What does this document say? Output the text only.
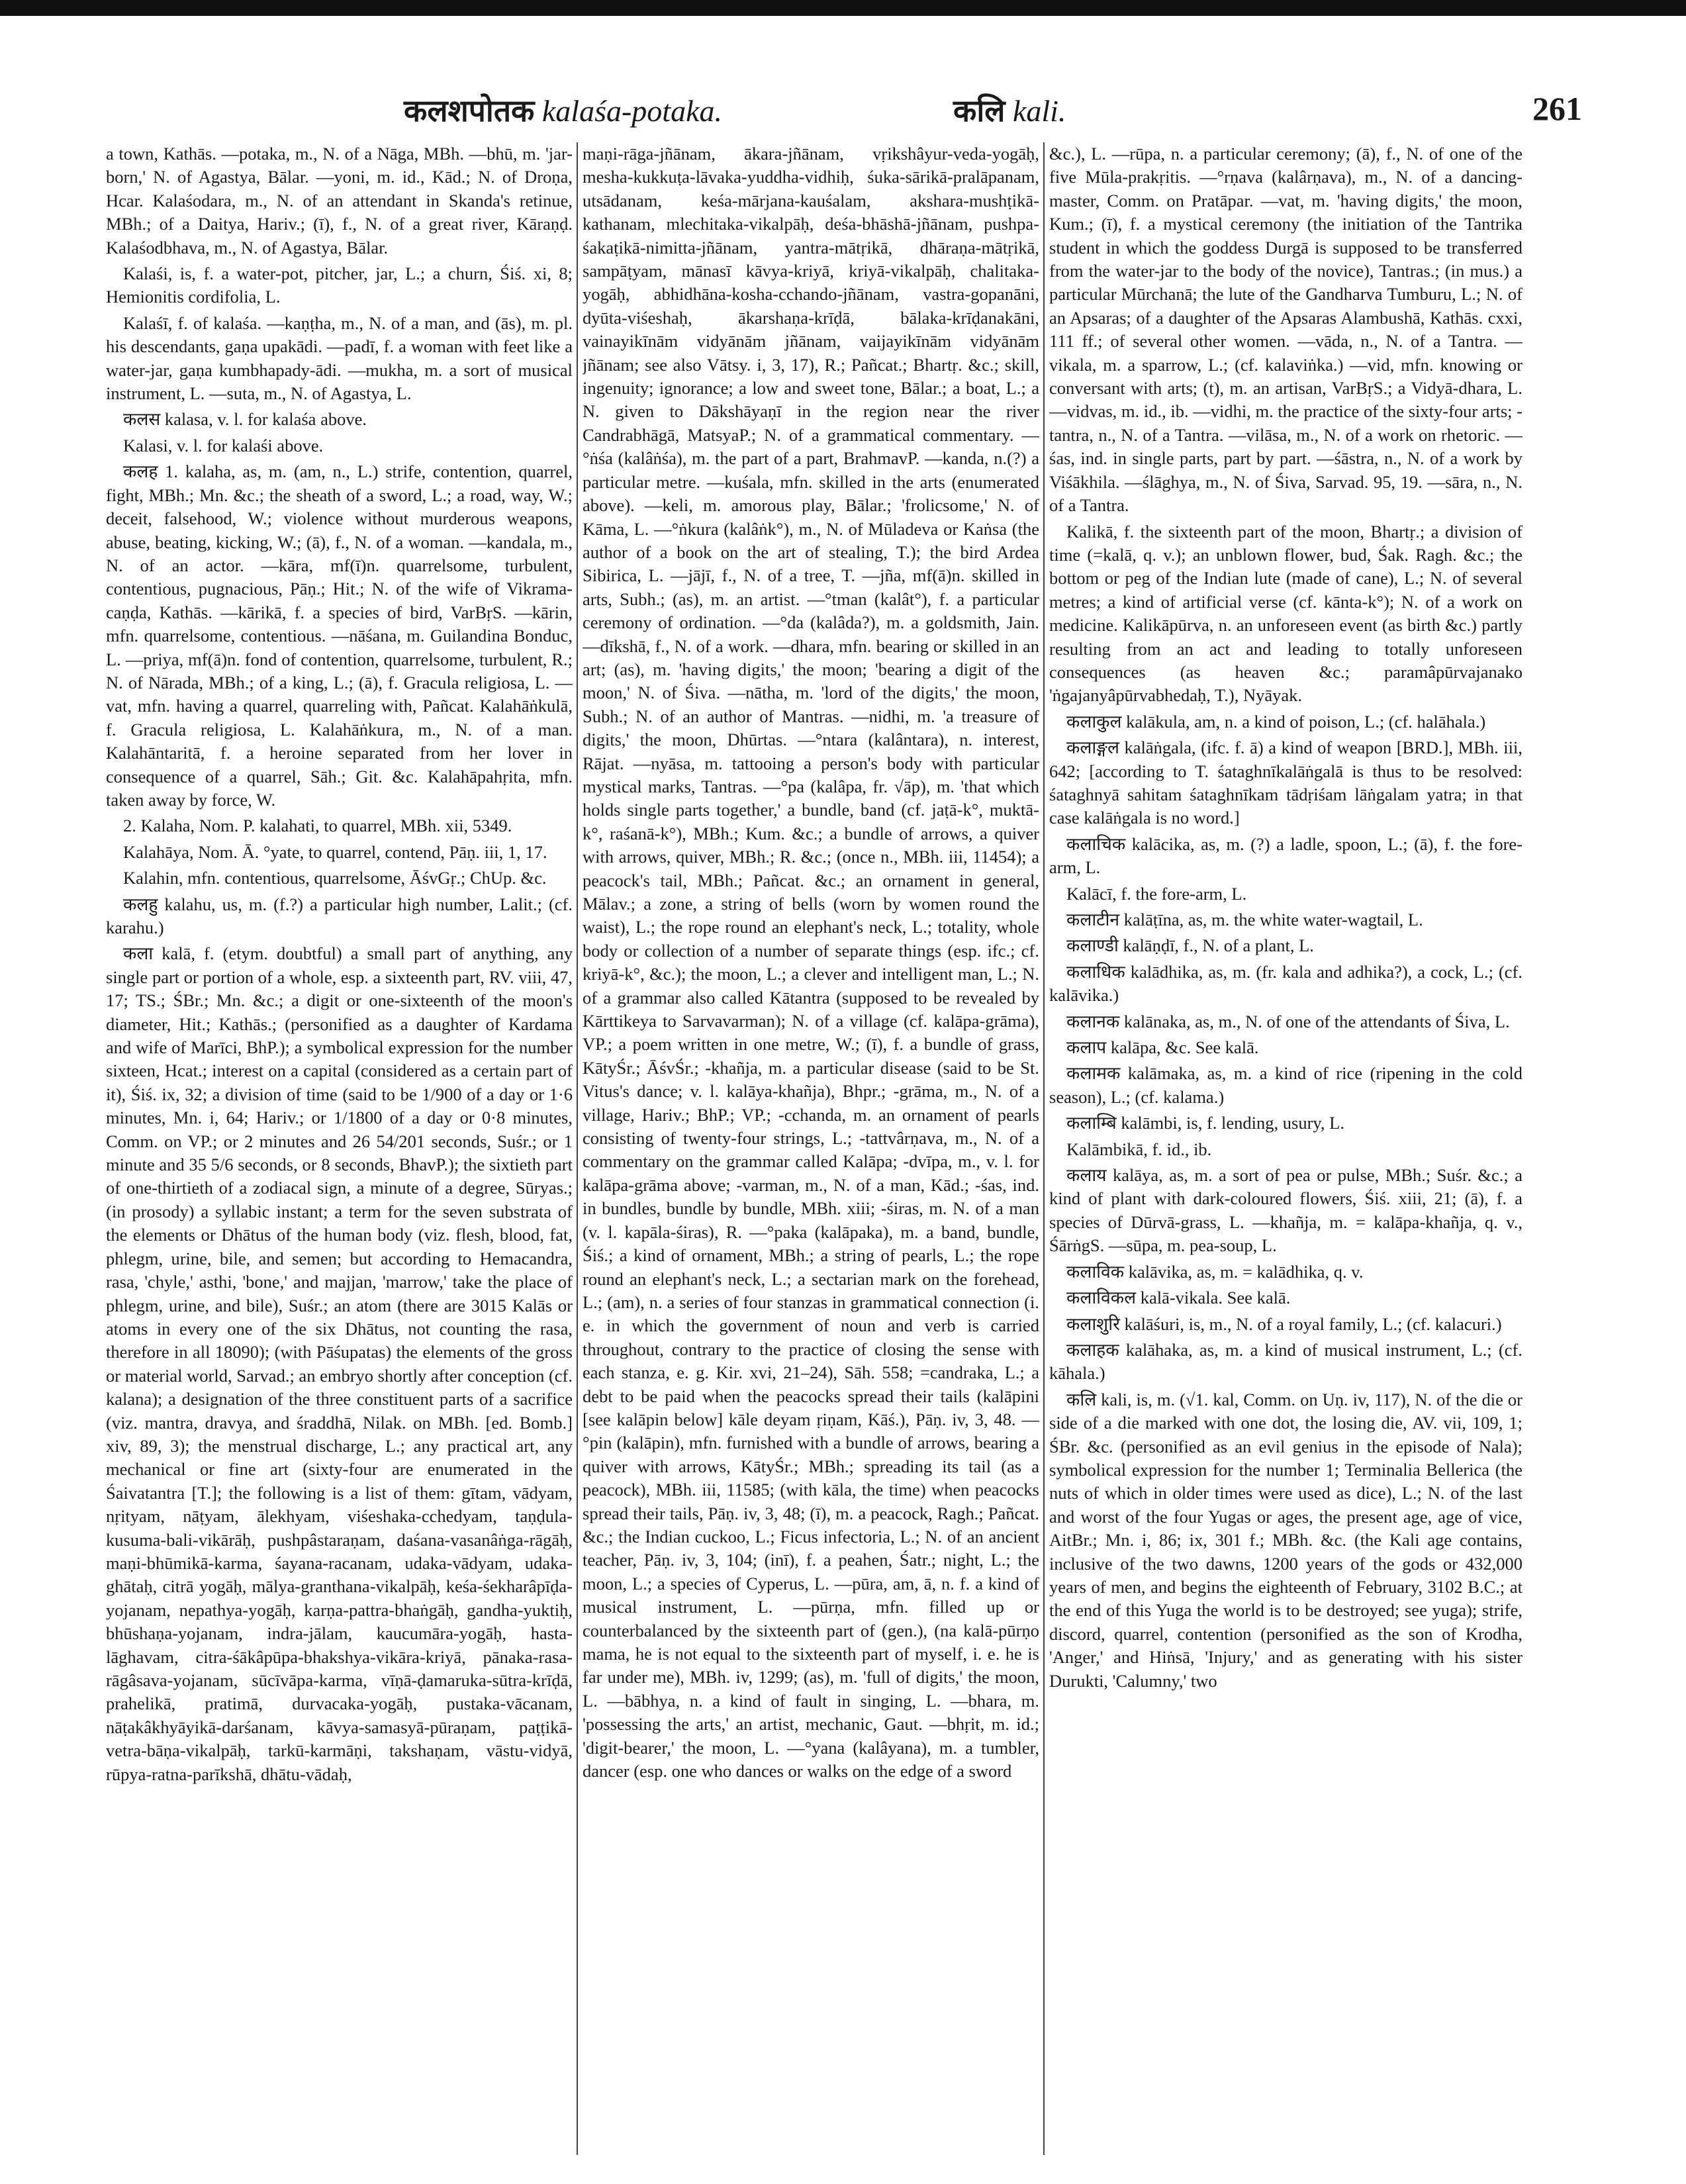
कलशपोतक kalaśa-potaka.	कलि kali.	261

a town, Kathās. —potaka, m., N. of a Nāga, MBh. —bhū, m. 'jar-born,' N. of Agastya, Bālar. —yoni, m. id., Kād.; N. of Droṇa, Hcar. Kalaśodara, m., N. of an attendant in Skanda's retinue, MBh.; of a Daitya, Hariv.; (ī), f., N. of a great river, Kāraṇḍ. Kalaśodbhava, m., N. of Agastya, Bālar.

Kalaśi, is, f. a water-pot, pitcher, jar, L.; a churn, Śiś. xi, 8; Hemionitis cordifolia, L.

Kalaśī, f. of kalaśa. —kaṇṭha, m., N. of a man, and (ās), m. pl. his descendants, gaṇa upakādi. —padī, f. a woman with feet like a water-jar, gaṇa kumbhapady-ādi. —mukha, m. a sort of musical instrument, L. —suta, m., N. of Agastya, L.

कलस kalasa, v. l. for kalaśa above.

Kalasi, v. l. for kalaśi above.

कलह 1. kalaha, as, m. (am, n., L.) strife, contention, quarrel, fight, MBh.; Mn. &c.; the sheath of a sword, L.; a road, way, W.; deceit, falsehood, W.; violence without murderous weapons, abuse, beating, kicking, W.; (ā), f., N. of a woman. —kandala, m., N. of an actor. —kāra, mf(ī)n. quarrelsome, turbulent, contentious, pugnacious, Pāṇ.; Hit.; N. of the wife of Vikrama-caṇḍa, Kathās. —kārikā, f. a species of bird, VarBṛS. —kārin, mfn. quarrelsome, contentious. —nāśana, m. Guilandina Bonduc, L. —priya, mf(ā)n. fond of contention, quarrelsome, turbulent, R.; N. of Nārada, MBh.; of a king, L.; (ā), f. Gracula religiosa, L. —vat, mfn. having a quarrel, quarreling with, Pañcat. Kalahāṅkulā, f. Gracula religiosa, L. Kalahāṅkura, m., N. of a man. Kalahāntaritā, f. a heroine separated from her lover in consequence of a quarrel, Sāh.; Git. &c. Kalahāpahṛita, mfn. taken away by force, W.

2. Kalaha, Nom. P. kalahati, to quarrel, MBh. xii, 5349.

Kalahāya, Nom. Ā. °yate, to quarrel, contend, Pāṇ. iii, 1, 17.

Kalahin, mfn. contentious, quarrelsome, ĀśvGṛ.; ChUp. &c.

कलहु kalahu, us, m. (f.?) a particular high number, Lalit.; (cf. karahu.)

कला kalā, f. (etym. doubtful) a small part of anything, any single part or portion of a whole, esp. a sixteenth part, RV. viii, 47, 17; TS.; ŚBr.; Mn. &c.; a digit or one-sixteenth of the moon's diameter, Hit.; Kathās.; (personified as a daughter of Kardama and wife of Marīci, BhP.); a symbolical expression for the number sixteen, Hcat.; interest on a capital (considered as a certain part of it), Śiś. ix, 32; a division of time (said to be 1/900 of a day or 1·6 minutes, Mn. i, 64; Hariv.; or 1/1800 of a day or 0·8 minutes, Comm. on VP.; or 2 minutes and 26 54/201 seconds, Suśr.; or 1 minute and 35 5/6 seconds, or 8 seconds, BhavP.); the sixtieth part of one-thirtieth of a zodiacal sign, a minute of a degree, Sūryas.; (in prosody) a syllabic instant; a term for the seven substrata of the elements or Dhātus of the human body (viz. flesh, blood, fat, phlegm, urine, bile, and semen; but according to Hemacandra, rasa, 'chyle,' asthi, 'bone,' and majjan, 'marrow,' take the place of phlegm, urine, and bile), Suśr.; an atom (there are 3015 Kalās or atoms in every one of the six Dhātus, not counting the rasa, therefore in all 18090); (with Pāśupatas) the elements of the gross or material world, Sarvad.; an embryo shortly after conception (cf. kalana); a designation of the three constituent parts of a sacrifice (viz. mantra, dravya, and śraddhā, Nilak. on MBh. [ed. Bomb.] xiv, 89, 3); the menstrual discharge, L.; any practical art, any mechanical or fine art (sixty-four are enumerated in the Śaivatantra [T.]; the following is a list of them: gītam, vādyam, nṛityam, nāṭyam, ālekhyam, viśeshaka-cchedyam, taṇḍula-kusuma-bali-vikārāḥ, pushpâstaraṇam, daśana-vasanâṅga-rāgāḥ, maṇi-bhūmikā-karma, śayana-racanam, udaka-vādyam, udaka-ghātaḥ, citrā yogāḥ, mālya-granthana-vikalpāḥ, keśa-śekharâpīḍa-yojanam, nepathya-yogāḥ, karṇa-pattra-bhaṅgāḥ, gandha-yuktiḥ, bhūshaṇa-yojanam, indra-jālam, kaucumāra-yogāḥ, hasta-lāghavam, citra-śākâpūpa-bhakshya-vikāra-kriyā, pānaka-rasa-rāgâsava-yojanam, sūcīvāpa-karma, vīṇā-ḍamaruka-sūtra-krīḍā, prahelikā, pratimā, durvacaka-yogāḥ, pustaka-vācanam, nāṭakâkhyāyikā-darśanam, kāvya-samasyā-pūraṇam, paṭṭikā-vetra-bāṇa-vikalpāḥ, tarkū-karmāṇi, takshaṇam, vāstu-vidyā, rūpya-ratna-parīkshā, dhātu-vādaḥ,

maṇi-rāga-jñānam, ākara-jñānam, vṛikshâyur-veda-yogāḥ, mesha-kukkuṭa-lāvaka-yuddha-vidhiḥ, śuka-sārikā-pralāpanam, utsādanam, keśa-mārjana-kauśalam, akshara-mushṭikā-kathanam, mlechitaka-vikalpāḥ, deśa-bhāshā-jñānam, pushpa-śakaṭikā-nimitta-jñānam, yantra-mātṛikā, dhāraṇa-mātṛikā, sampāṭyam, mānasī kāvya-kriyā, kriyā-vikalpāḥ, chalitaka-yogāḥ, abhidhāna-kosha-cchando-jñānam, vastra-gopanāni, dyūta-viśeshaḥ, ākarshaṇa-krīḍā, bālaka-krīḍanakāni, vainayikīnām vidyānām jñānam, vaijayikīnām vidyānām jñānam; see also Vātsy. i, 3, 17), R.; Pañcat.; Bhartṛ. &c.; skill, ingenuity; ignorance; a low and sweet tone, Bālar.; a boat, L.; a N. given to Dākshāyaṇī in the region near the river Candrabhāgā, MatsyaP.; N. of a grammatical commentary. —°ṅśa (kalâṅśa), m. the part of a part, BrahmavP. —kanda, n.(?) a particular metre. —kuśala, mfn. skilled in the arts (enumerated above). —keli, m. amorous play, Bālar.; 'frolicsome,' N. of Kāma, L. —°ṅkura (kalâṅk°), m., N. of Mūladeva or Kaṅsa (the author of a book on the art of stealing, T.); the bird Ardea Sibirica, L. —jājī, f., N. of a tree, T. —jña, mf(ā)n. skilled in arts, Subh.; (as), m. an artist. —°tman (kalât°), f. a particular ceremony of ordination. —°da (kalâda?), m. a goldsmith, Jain. —dīkshā, f., N. of a work. —dhara, mfn. bearing or skilled in an art; (as), m. 'having digits,' the moon; 'bearing a digit of the moon,' N. of Śiva. —nātha, m. 'lord of the digits,' the moon, Subh.; N. of an author of Mantras. —nidhi, m. 'a treasure of digits,' the moon, Dhūrtas. —°ntara (kalântara), n. interest, Rājat. —nyāsa, m. tattooing a person's body with particular mystical marks, Tantras. —°pa (kalâpa, fr. √āp), m. 'that which holds single parts together,' a bundle, band (cf. jaṭā-k°, muktā-k°, raśanā-k°), MBh.; Kum. &c.; a bundle of arrows, a quiver with arrows, quiver, MBh.; R. &c.; (once n., MBh. iii, 11454); a peacock's tail, MBh.; Pañcat. &c.; an ornament in general, Mālav.; a zone, a string of bells (worn by women round the waist), L.; the rope round an elephant's neck, L.; totality, whole body or collection of a number of separate things (esp. ifc.; cf. kriyā-k°, &c.); the moon, L.; a clever and intelligent man, L.; N. of a grammar also called Kātantra (supposed to be revealed by Kārttikeya to Sarvavarman); N. of a village (cf. kalāpa-grāma), VP.; a poem written in one metre, W.; (ī), f. a bundle of grass, KātyŚr.; ĀśvŚr.; -khañja, m. a particular disease (said to be St. Vitus's dance; v. l. kalāya-khañja), Bhpr.; -grāma, m., N. of a village, Hariv.; BhP.; VP.; -cchanda, m. an ornament of pearls consisting of twenty-four strings, L.; -tattvârṇava, m., N. of a commentary on the grammar called Kalāpa; -dvīpa, m., v. l. for kalāpa-grāma above; -varman, m., N. of a man, Kād.; -śas, ind. in bundles, bundle by bundle, MBh. xiii; -śiras, m. N. of a man (v. l. kapāla-śiras), R. —°paka (kalāpaka), m. a band, bundle, Śiś.; a kind of ornament, MBh.; a string of pearls, L.; the rope round an elephant's neck, L.; a sectarian mark on the forehead, L.; (am), n. a series of four stanzas in grammatical connection (i. e. in which the government of noun and verb is carried throughout, contrary to the practice of closing the sense with each stanza, e. g. Kir. xvi, 21–24), Sāh. 558; =candraka, L.; a debt to be paid when the peacocks spread their tails (kalāpini [see kalāpin below] kāle deyam ṛiṇam, Kāś.), Pāṇ. iv, 3, 48. —°pin (kalāpin), mfn. furnished with a bundle of arrows, bearing a quiver with arrows, KātyŚr.; MBh.; spreading its tail (as a peacock), MBh. iii, 11585; (with kāla, the time) when peacocks spread their tails, Pāṇ. iv, 3, 48; (ī), m. a peacock, Ragh.; Pañcat. &c.; the Indian cuckoo, L.; Ficus infectoria, L.; N. of an ancient teacher, Pāṇ. iv, 3, 104; (inī), f. a peahen, Śatr.; night, L.; the moon, L.; a species of Cyperus, L. —pūra, am, ā, n. f. a kind of musical instrument, L. —pūrṇa, mfn. filled up or counterbalanced by the sixteenth part of (gen.), (na kalā-pūrṇo mama, he is not equal to the sixteenth part of myself, i. e. he is far under me), MBh. iv, 1299; (as), m. 'full of digits,' the moon, L. —bābhya, n. a kind of fault in singing, L. —bhara, m. 'possessing the arts,' an artist, mechanic, Gaut. —bhṛit, m. id.; 'digit-bearer,' the moon, L. —°yana (kalâyana), m. a tumbler, dancer (esp. one who dances or walks on the edge of a sword

&c.), L. —rūpa, n. a particular ceremony; (ā), f., N. of one of the five Mūla-prakṛitis. —°rṇava (kalârṇava), m., N. of a dancing-master, Comm. on Pratāpar. —vat, m. 'having digits,' the moon, Kum.; (ī), f. a mystical ceremony (the initiation of the Tantrika student in which the goddess Durgā is supposed to be transferred from the water-jar to the body of the novice), Tantras.; (in mus.) a particular Mūrchanā; the lute of the Gandharva Tumburu, L.; N. of an Apsaras; of a daughter of the Apsaras Alambushā, Kathās. cxxi, 111 ff.; of several other women. —vāda, n., N. of a Tantra. —vikala, m. a sparrow, L.; (cf. kalaviṅka.) —vid, mfn. knowing or conversant with arts; (t), m. an artisan, VarBṛS.; a Vidyā-dhara, L. —vidvas, m. id., ib. —vidhi, m. the practice of the sixty-four arts; -tantra, n., N. of a Tantra. —vilāsa, m., N. of a work on rhetoric. —śas, ind. in single parts, part by part. —śāstra, n., N. of a work by Viśākhila. —ślāghya, m., N. of Śiva, Sarvad. 95, 19. —sāra, n., N. of a Tantra.

Kalikā, f. the sixteenth part of the moon, Bhartṛ.; a division of time (=kalā, q. v.); an unblown flower, bud, Śak. Ragh. &c.; the bottom or peg of the Indian lute (made of cane), L.; N. of several metres; a kind of artificial verse (cf. kānta-k°); N. of a work on medicine. Kalikāpūrva, n. an unforeseen event (as birth &c.) partly resulting from an act and leading to totally unforeseen consequences (as heaven &c.; paramâpūrvajanako 'ṅgajanyâpūrvabhedaḥ, T.), Nyāyak.

कलाकुल kalākula, am, n. a kind of poison, L.; (cf. halāhala.)

कलाङ्गल kalāṅgala, (ifc. f. ā) a kind of weapon [BRD.], MBh. iii, 642; [according to T. śataghnīkalāṅgalā is thus to be resolved: śataghnyā sahitam śataghnīkam tādṛiśam lāṅgalam yatra; in that case kalāṅgala is no word.]

कलाचिक kalācika, as, m. (?) a ladle, spoon, L.; (ā), f. the fore-arm, L.

Kalācī, f. the fore-arm, L.

कलाटीन kalāṭīna, as, m. the white water-wagtail, L.

कलाण्डी kalāṇḍī, f., N. of a plant, L.

कलाधिक kalādhika, as, m. (fr. kala and adhika?), a cock, L.; (cf. kalāvika.)

कलानक kalānaka, as, m., N. of one of the attendants of Śiva, L.

कलाप kalāpa, &c. See kalā.

कलामक kalāmaka, as, m. a kind of rice (ripening in the cold season), L.; (cf. kalama.)

कलाम्बि kalāmbi, is, f. lending, usury, L.

Kalāmbikā, f. id., ib.

कलाय kalāya, as, m. a sort of pea or pulse, MBh.; Suśr. &c.; a kind of plant with dark-coloured flowers, Śiś. xiii, 21; (ā), f. a species of Dūrvā-grass, L. —khañja, m. = kalāpa-khañja, q. v., ŚārṅgS. —sūpa, m. pea-soup, L.

कलाविक kalāvika, as, m. = kalādhika, q. v.

कलाविकल kalā-vikala. See kalā.

कलाशुरि kalāśuri, is, m., N. of a royal family, L.; (cf. kalacuri.)

कलाहक kalāhaka, as, m. a kind of musical instrument, L.; (cf. kāhala.)

कलि kali, is, m. (√1. kal, Comm. on Uṇ. iv, 117), N. of the die or side of a die marked with one dot, the losing die, AV. vii, 109, 1; ŚBr. &c. (personified as an evil genius in the episode of Nala); symbolical expression for the number 1; Terminalia Bellerica (the nuts of which in older times were used as dice), L.; N. of the last and worst of the four Yugas or ages, the present age, age of vice, AitBr.; Mn. i, 86; ix, 301 f.; MBh. &c. (the Kali age contains, inclusive of the two dawns, 1200 years of the gods or 432,000 years of men, and begins the eighteenth of February, 3102 B.C.; at the end of this Yuga the world is to be destroyed; see yuga); strife, discord, quarrel, contention (personified as the son of Krodha, 'Anger,' and Hiṅsā, 'Injury,' and as generating with his sister Durukti, 'Calumny,' two
